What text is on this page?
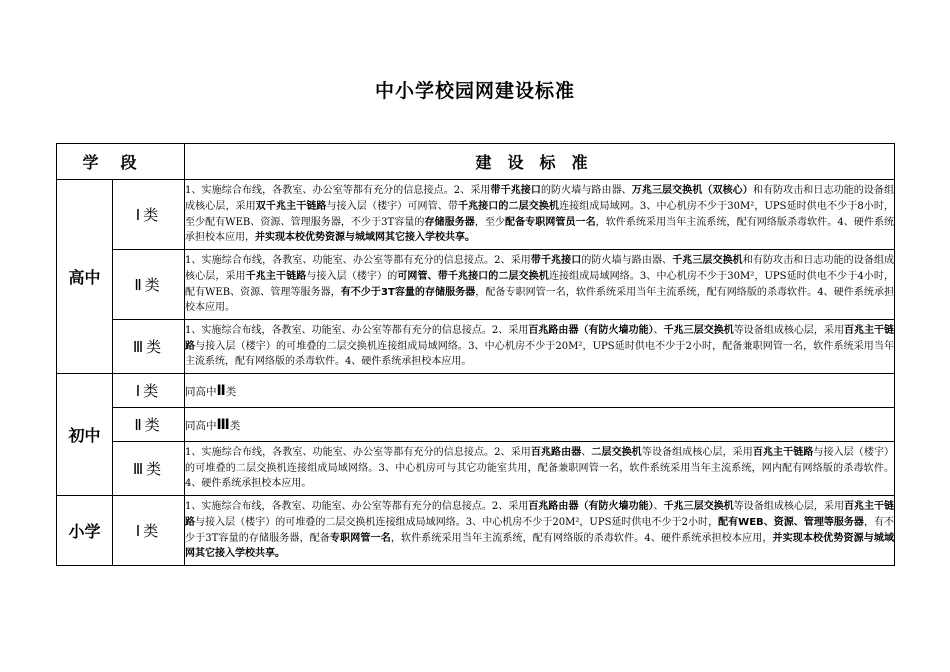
中小学校园网建设标准
学段		建设标准
高中	Ⅰ类	1、实施综合布线，各教室、办公室等都有充分的信息接点。2、采用带千兆接口的防火墙与路由器、万兆三层交换机（双核心）和有防攻击和日志功能的设备组成核心层，采用双千兆主干链路与接入层（楼宇）可网管、带千兆接口的二层交换机连接组成局域网。3、中心机房不少于30M²，UPS延时供电不少于8小时，至少配有WEB、资源、管理服务器，不少于3T容量的存储服务器，至少配备专职网管员一名，软件系统采用当年主流系统，配有网络版杀毒软件。4、硬件系统承担校本应用，并实现本校优势资源与城域网其它接入学校共享。
	Ⅱ类	1、实施综合布线，各教室、功能室、办公室等都有充分的信息接点。2、采用带千兆接口的防火墙与路由器、千兆三层交换机和有防攻击和日志功能的设备组成核心层，采用千兆主干链路与接入层（楼宇）的可网管、带千兆接口的二层交换机连接组成局域网络。3、中心机房不少于30M²，UPS延时供电不少于4小时，配有WEB、资源、管理等服务器，有不少于3T容量的存储服务器，配备专职网管一名，软件系统采用当年主流系统，配有网络版的杀毒软件。4、硬件系统承担校本应用。
	Ⅲ类	1、实施综合布线，各教室、功能室、办公室等都有充分的信息接点。2、采用百兆路由器（有防火墙功能）、千兆三层交换机等设备组成核心层，采用百兆主干链路与接入层（楼宇）的可堆叠的二层交换机连接组成局域网络。3、中心机房不少于20M²，UPS延时供电不少于2小时，配备兼职网管一名，软件系统采用当年主流系统，配有网络版的杀毒软件。4、硬件系统承担校本应用。
初中	Ⅰ类	同高中Ⅱ类
	Ⅱ类	同高中Ⅲ类
	Ⅲ类	1、实施综合布线，各教室、功能室、办公室等都有充分的信息接点。2、采用百兆路由器、二层交换机等设备组成核心层，采用百兆主干链路与接入层（楼宇）的可堆叠的二层交换机连接组成局域网络。3、中心机房可与其它功能室共用，配备兼职网管一名，软件系统采用当年主流系统，网内配有网络版的杀毒软件。4、硬件系统承担校本应用。
小学	Ⅰ类	1、实施综合布线，各教室、功能室、办公室等都有充分的信息接点。2、采用百兆路由器（有防火墙功能）、千兆三层交换机等设备组成核心层，采用百兆主干链路与接入层（楼宇）的可堆叠的二层交换机连接组成局域网络。3、中心机房不少于20M²，UPS延时供电不少于2小时，配有WEB、资源、管理等服务器，有不少于3T容量的存储服务器，配备专职网管一名，软件系统采用当年主流系统，配有网络版的杀毒软件。4、硬件系统承担校本应用，并实现本校优势资源与城域网其它接入学校共享。
